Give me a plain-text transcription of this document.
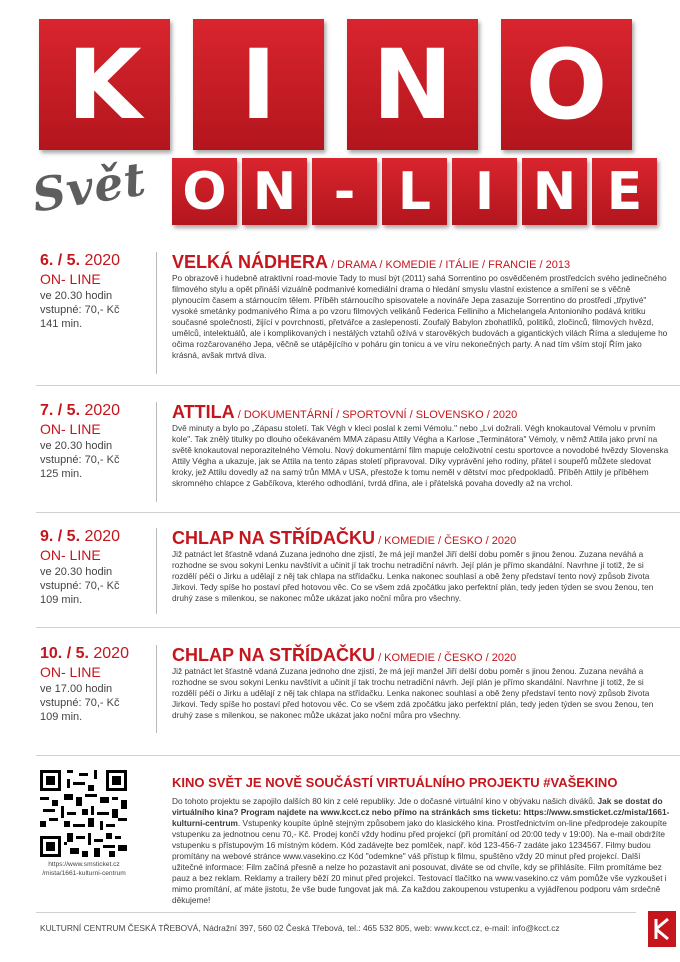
K	I N O
Svět O N - L I N E
6. / 5. 2020
ON- LINE
ve 20.30 hodin
vstupné: 70,- Kč
141 min.
VELKÁ NÁDHERA / DRAMA / KOMEDIE / ITÁLIE / FRANCIE / 2013
Po obrazově i hudebně atraktivní road-movie Tady to musí být (2011) sahá Sorrentino po osvědčeném prostředcích svého jedinečného filmového stylu a opět přináší vizuálně podmanivé komediální drama o hledání smyslu vlastní existence a smíření se s věčně plynoucím časem a stárnoucím tělem. Příběh stárnoucího spisovatele a novináře Jepa zasazuje Sorrentino do prostředí „třpytivé" vysoké smetánky podmanivého Říma a po vzoru filmových velikánů Federica Felliniho a Michelangela Antonioniho podává kritiku současné společnosti, žijící v povrchnosti, přetvářce a zaslepenosti. Zoufalý Babylon zbohatlíků, politiků, zločinců, filmových hvězd, umělců, intelektuálů, ale i komplikovaných i nestálých vztahů ožívá v starověkých budovách a gigantických vilách Říma a sledujeme ho očima rozčarovaného Jepa, věčně se utápějícího v poháru gin tonicu a ve víru nekonečných party. A nad tím vším stojí Řím jako krásná, avšak mrtvá díva.
7. / 5. 2020
ON- LINE
ve 20.30 hodin
vstupné: 70,- Kč
125 min.
ATTILA / DOKUMENTÁRNÍ / SPORTOVNÍ / SLOVENSKO / 2020
Dvě minuty a bylo po „Zápasu století. Tak Végh v kleci poslal k zemi Vémolu." nebo „Lvi dožrali. Végh knokautoval Vémolu v prvním kole". Tak znělý titulky po dlouho očekávaném MMA zápasu Attily Végha a Karlose „Terminátora" Vémoly, v němž Attila jako první na světě knokautoval neporazitelného Vémolu. Nový dokumentární film mapuje celoživotní cestu sportovce a novodobé hvězdy Slovenska Attily Végha a ukazuje, jak se Attila na tento zápas století připravoval. Díky vyprávění jeho rodiny, přátel i soupeřů můžete sledovat kroky, jež Attilu dovedly až na samý trůn MMA v USA, přestože k tomu neměl v dětství moc předpokladů. Příběh Attily je příběhem skromného chlapce z Gabčíkova, kterého odhodlání, tvrdá dřina, ale i přátelská povaha dovedly až na vrchol.
9. / 5. 2020
ON- LINE
ve 20.30 hodin
vstupné: 70,- Kč
109 min.
CHLAP NA STŘÍDAČKU / KOMEDIE / ČESKO / 2020
Již patnáct let šťastně vdaná Zuzana jednoho dne zjistí, že má její manžel Jiří delší dobu poměr s jinou ženou. Zuzana neváhá a rozhodne se svou sokyni Lenku navštívit a učinit jí tak trochu netradiční návrh. Její plán je přímo skandální. Navrhne jí totiž, že si rozdělí péči o Jirku a udělají z něj tak chlapa na střídačku. Lenka nakonec souhlasí a obě ženy představí tento nový způsob života Jirkovi. Tedy spíše ho postaví před hotovou věc. Co se všem zdá zpočátku jako perfektní plán, tedy jeden týden se svou ženou, ten druhý zase s milenkou, se nakonec může ukázat jako noční můra pro všechny.
10. / 5. 2020
ON- LINE
ve 17.00 hodin
vstupné: 70,- Kč
109 min.
CHLAP NA STŘÍDAČKU / KOMEDIE / ČESKO / 2020
Již patnáct let šťastně vdaná Zuzana jednoho dne zjistí, že má její manžel Jiří delší dobu poměr s jinou ženou. Zuzana neváhá a rozhodne se svou sokyni Lenku navštívit a učinit jí tak trochu netradiční návrh. Její plán je přímo skandální. Navrhne jí totiž, že si rozdělí péči o Jirku a udělají z něj tak chlapa na střídačku. Lenka nakonec souhlasí a obě ženy představí tento nový způsob života Jirkovi. Tedy spíše ho postaví před hotovou věc. Co se všem zdá zpočátku jako perfektní plán, tedy jeden týden se svou ženou, ten druhý zase s milenkou, se nakonec může ukázat jako noční můra pro všechny.
https://www.smsticket.cz
/mista/1661-kulturni-centrum
KINO SVĚT JE NOVĚ SOUČÁSTÍ VIRTUÁLNÍHO PROJEKTU #VAŠEKINO
Do tohoto projektu se zapojilo dalších 80 kin z celé republiky. Jde o dočasné virtuální kino v obývaku našich diváků. Jak se dostat do virtuálního kina? Program najdete na www.kcct.cz nebo přímo na stránkách sms ticketu: https://www.smsticket.cz/mista/1661-kulturni-centrum. Vstupenky koupíte úplně stejným způsobem jako do klasického kina. Prostřednictvím on-line předprodeje zakoupíte vstupenku za jednotnou cenu 70,- Kč. Prodej končí vždy hodinu před projekcí (při promítání od 20:00 tedy v 19:00). Na e-mail obdržíte vstupenku s přístupovým 16 místným kódem. Kód zadávejte bez pomlček, např. kód 123-456-7 zadáte jako 1234567. Filmy budou promítány na webové stránce www.vasekino.cz Kód "odemkne" váš přístup k filmu, spuštěno vždy 20 minut před projekcí. Další užitečné informace: Film začíná přesně a nelze ho pozastavit ani posouvat, diváte se od chvíle, kdy se přihlásíte. Film promítáme bez pauz a bez reklam. Reklamy a trailery běží 20 minut před projekcí. Testovací tlačítko na www.vasekino.cz vám pomůže vše vyzkoušet i mimo promítání, ať máte jistotu, že vše bude fungovat jak má. Za každou zakoupenou vstupenku a vyjádřenou podporu vám srdečně děkujeme!
KULTURNÍ CENTRUM ČESKÁ TŘEBOVÁ, Nádražní 397, 560 02 Česká Třebová, tel.: 465 532 805, web: www.kcct.cz, e-mail: info@kcct.cz
